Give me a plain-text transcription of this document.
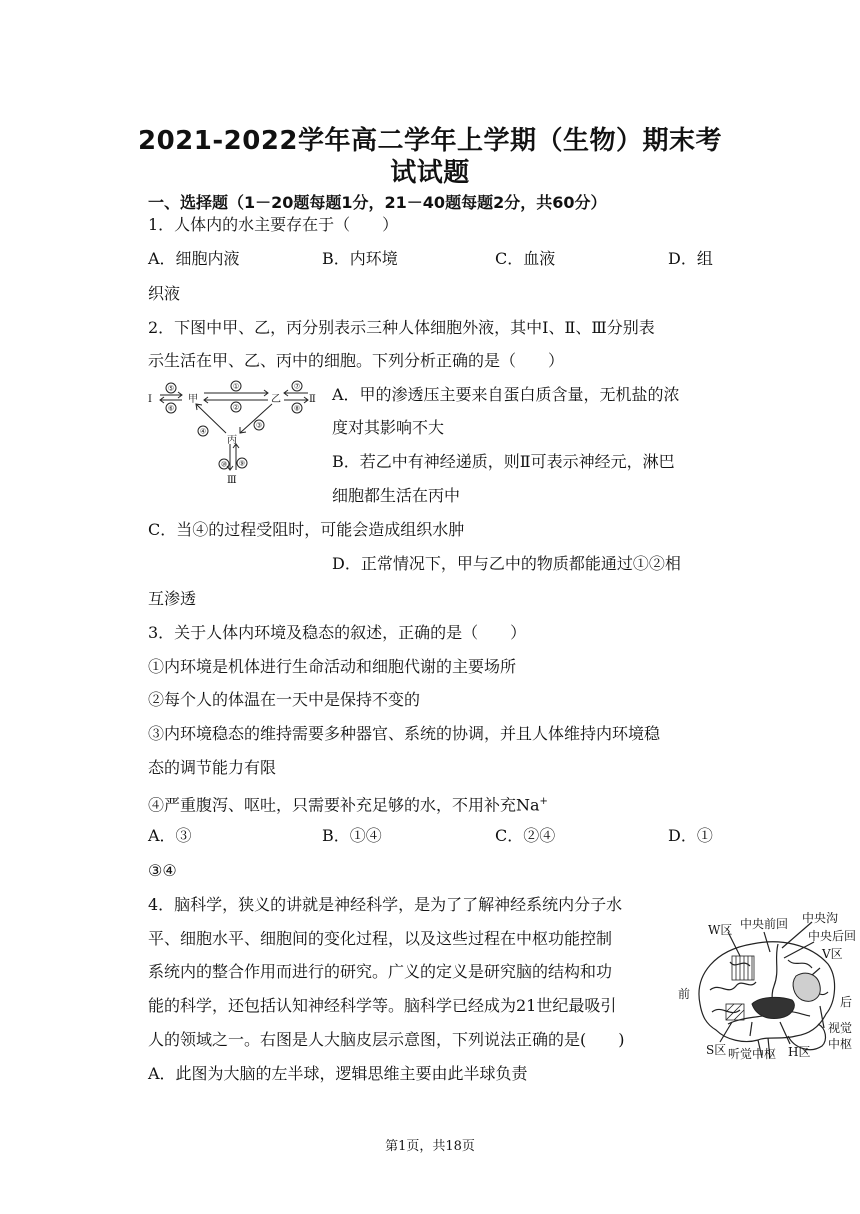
2021-2022学年高二学年上学期（生物）期末考
试试题
一、选择题（1－20题每题1分，21－40题每题2分，共60分）
1．人体内的水主要存在于（　　）
A．细胞内液	B．内环境	C．血液	D．组
织液
2．下图中甲、乙，丙分别表示三种人体细胞外液，其中Ⅰ、Ⅱ、Ⅲ分别表
示生活在甲、乙、丙中的细胞。下列分析正确的是（　　）
Ⅰ	甲	乙	Ⅱ
丙
Ⅲ
⑤
⑥
①
②
⑦
⑧
④
③
⑩ ⑨
A．甲的渗透压主要来自蛋白质含量，无机盐的浓
度对其影响不大
B．若乙中有神经递质，则Ⅱ可表示神经元，淋巴
细胞都生活在丙中
C．当④的过程受阻时，可能会造成组织水肿
D．正常情况下，甲与乙中的物质都能通过①②相
互渗透
3．关于人体内环境及稳态的叙述，正确的是（　　）
①内环境是机体进行生命活动和细胞代谢的主要场所
②每个人的体温在一天中是保持不变的
③内环境稳态的维持需要多种器官、系统的协调，并且人体维持内环境稳
态的调节能力有限
④严重腹泻、呕吐，只需要补充足够的水，不用补充Na+
A．③	B．①④	C．②④	D．①
③④
4．脑科学，狭义的讲就是神经科学，是为了了解神经系统内分子水
平、细胞水平、细胞间的变化过程，以及这些过程在中枢功能控制
系统内的整合作用而进行的研究。广义的定义是研究脑的结构和功
能的科学，还包括认知神经科学等。脑科学已经成为21世纪最吸引
人的领域之一。右图是人大脑皮层示意图，下列说法正确的是(　　)
A．此图为大脑的左半球，逻辑思维主要由此半球负责
中央沟
中央前回
中央后回
W区
V区
前
后
S区 听觉中枢 H区
视觉
中枢
第1页，共18页
